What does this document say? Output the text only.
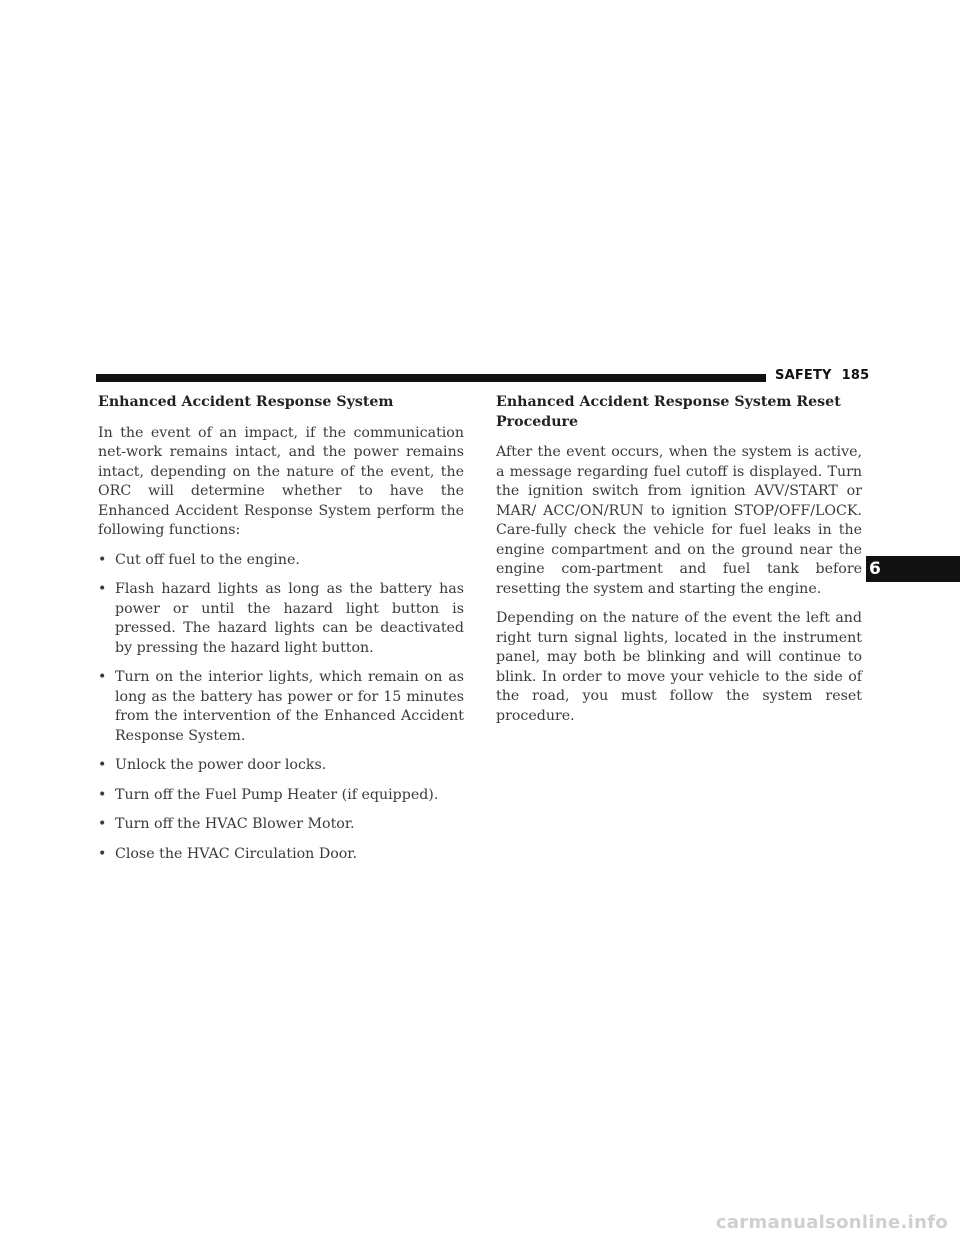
SAFETY 185
Enhanced Accident Response System

In the event of an impact, if the communication net-work remains intact, and the power remains intact, depending on the nature of the event, the ORC will determine whether to have the Enhanced Accident Response System perform the following functions:

• Cut off fuel to the engine.
• Flash hazard lights as long as the battery has power or until the hazard light button is pressed. The hazard lights can be deactivated by pressing the hazard light button.
• Turn on the interior lights, which remain on as long as the battery has power or for 15 minutes from the intervention of the Enhanced Accident Response System.
• Unlock the power door locks.
• Turn off the Fuel Pump Heater (if equipped).
• Turn off the HVAC Blower Motor.
• Close the HVAC Circulation Door.
Enhanced Accident Response System Reset Procedure

After the event occurs, when the system is active, a message regarding fuel cutoff is displayed. Turn the ignition switch from ignition AVV/START or MAR/ ACC/ON/RUN to ignition STOP/OFF/LOCK. Care-fully check the vehicle for fuel leaks in the engine compartment and on the ground near the engine com-partment and fuel tank before resetting the system and starting the engine.

Depending on the nature of the event the left and right turn signal lights, located in the instrument panel, may both be blinking and will continue to blink. In order to move your vehicle to the side of the road, you must follow the system reset procedure.

6
carmanualsonline.info
